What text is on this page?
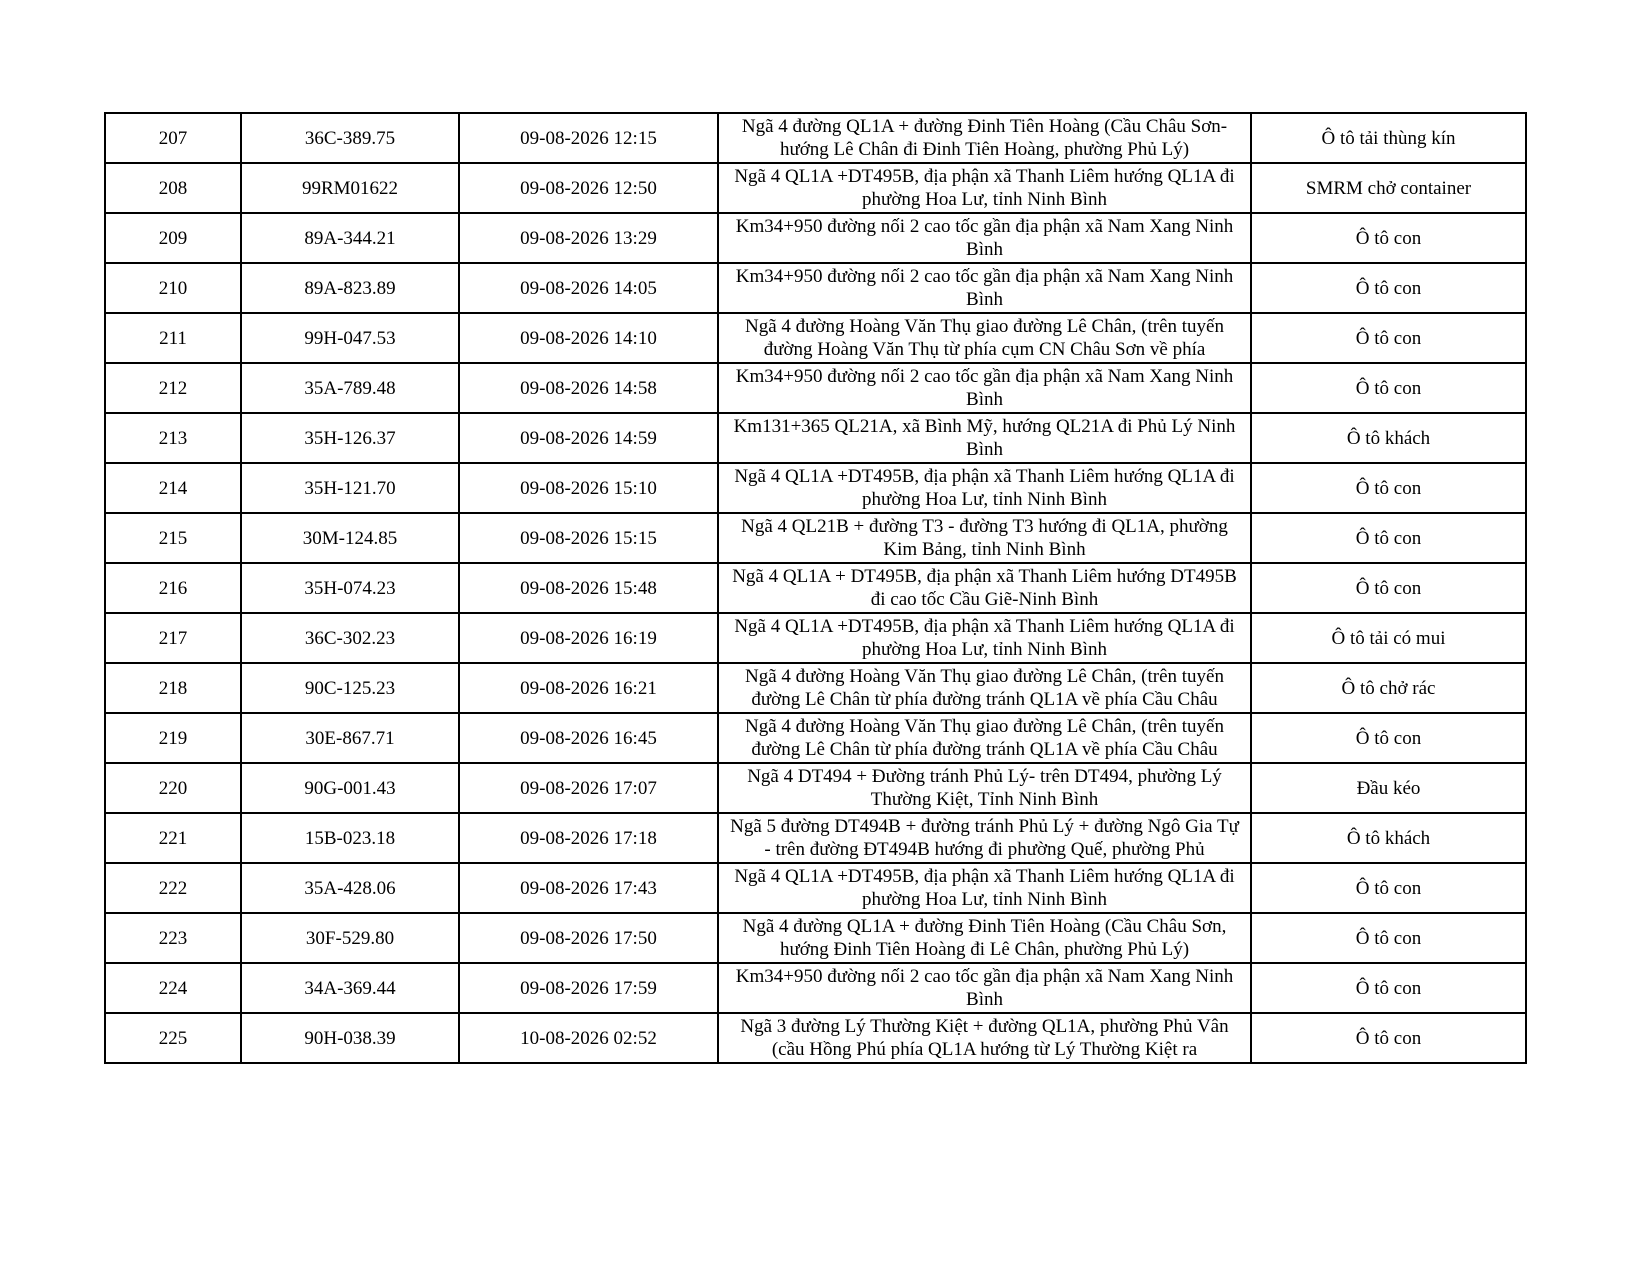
207	36C-389.75	09-08-2026 12:15	Ngã 4 đường QL1A + đường Đinh Tiên Hoàng (Cầu Châu Sơn- hướng Lê Chân đi Đinh Tiên Hoàng, phường Phủ Lý)	Ô tô tải thùng kín
208	99RM01622	09-08-2026 12:50	Ngã 4 QL1A +DT495B, địa phận xã Thanh Liêm hướng QL1A đi phường Hoa Lư, tỉnh Ninh Bình	SMRM chở container
209	89A-344.21	09-08-2026 13:29	Km34+950 đường nối 2 cao tốc gần địa phận xã Nam Xang Ninh Bình	Ô tô con
210	89A-823.89	09-08-2026 14:05	Km34+950 đường nối 2 cao tốc gần địa phận xã Nam Xang Ninh Bình	Ô tô con
211	99H-047.53	09-08-2026 14:10	Ngã 4 đường Hoàng Văn Thụ giao đường Lê Chân, (trên tuyến đường Hoàng Văn Thụ từ phía cụm CN Châu Sơn về phía	Ô tô con
212	35A-789.48	09-08-2026 14:58	Km34+950 đường nối 2 cao tốc gần địa phận xã Nam Xang Ninh Bình	Ô tô con
213	35H-126.37	09-08-2026 14:59	Km131+365 QL21A, xã Bình Mỹ, hướng QL21A đi Phủ Lý Ninh Bình	Ô tô khách
214	35H-121.70	09-08-2026 15:10	Ngã 4 QL1A +DT495B, địa phận xã Thanh Liêm hướng QL1A đi phường Hoa Lư, tỉnh Ninh Bình	Ô tô con
215	30M-124.85	09-08-2026 15:15	Ngã 4 QL21B + đường T3 - đường T3 hướng đi QL1A, phường Kim Bảng, tỉnh Ninh Bình	Ô tô con
216	35H-074.23	09-08-2026 15:48	Ngã 4 QL1A + DT495B, địa phận xã Thanh Liêm hướng DT495B đi cao tốc Cầu Giẽ-Ninh Bình	Ô tô con
217	36C-302.23	09-08-2026 16:19	Ngã 4 QL1A +DT495B, địa phận xã Thanh Liêm hướng QL1A đi phường Hoa Lư, tỉnh Ninh Bình	Ô tô tải có mui
218	90C-125.23	09-08-2026 16:21	Ngã 4 đường Hoàng Văn Thụ giao đường Lê Chân, (trên tuyến đường Lê Chân từ phía đường tránh QL1A về phía Cầu Châu	Ô tô chở rác
219	30E-867.71	09-08-2026 16:45	Ngã 4 đường Hoàng Văn Thụ giao đường Lê Chân, (trên tuyến đường Lê Chân từ phía đường tránh QL1A về phía Cầu Châu	Ô tô con
220	90G-001.43	09-08-2026 17:07	Ngã 4 DT494 + Đường tránh Phủ Lý- trên DT494, phường Lý Thường Kiệt, Tỉnh Ninh Bình	Đầu kéo
221	15B-023.18	09-08-2026 17:18	Ngã 5 đường DT494B + đường tránh Phủ Lý + đường Ngô Gia Tự - trên đường ĐT494B hướng đi phường Quế, phường Phủ	Ô tô khách
222	35A-428.06	09-08-2026 17:43	Ngã 4 QL1A +DT495B, địa phận xã Thanh Liêm hướng QL1A đi phường Hoa Lư, tỉnh Ninh Bình	Ô tô con
223	30F-529.80	09-08-2026 17:50	Ngã 4 đường QL1A + đường Đinh Tiên Hoàng (Cầu Châu Sơn, hướng Đinh Tiên Hoàng đi Lê Chân, phường Phủ Lý)	Ô tô con
224	34A-369.44	09-08-2026 17:59	Km34+950 đường nối 2 cao tốc gần địa phận xã Nam Xang Ninh Bình	Ô tô con
225	90H-038.39	10-08-2026 02:52	Ngã 3 đường Lý Thường Kiệt + đường QL1A, phường Phủ Vân (cầu Hồng Phú phía QL1A hướng từ Lý Thường Kiệt ra	Ô tô con
